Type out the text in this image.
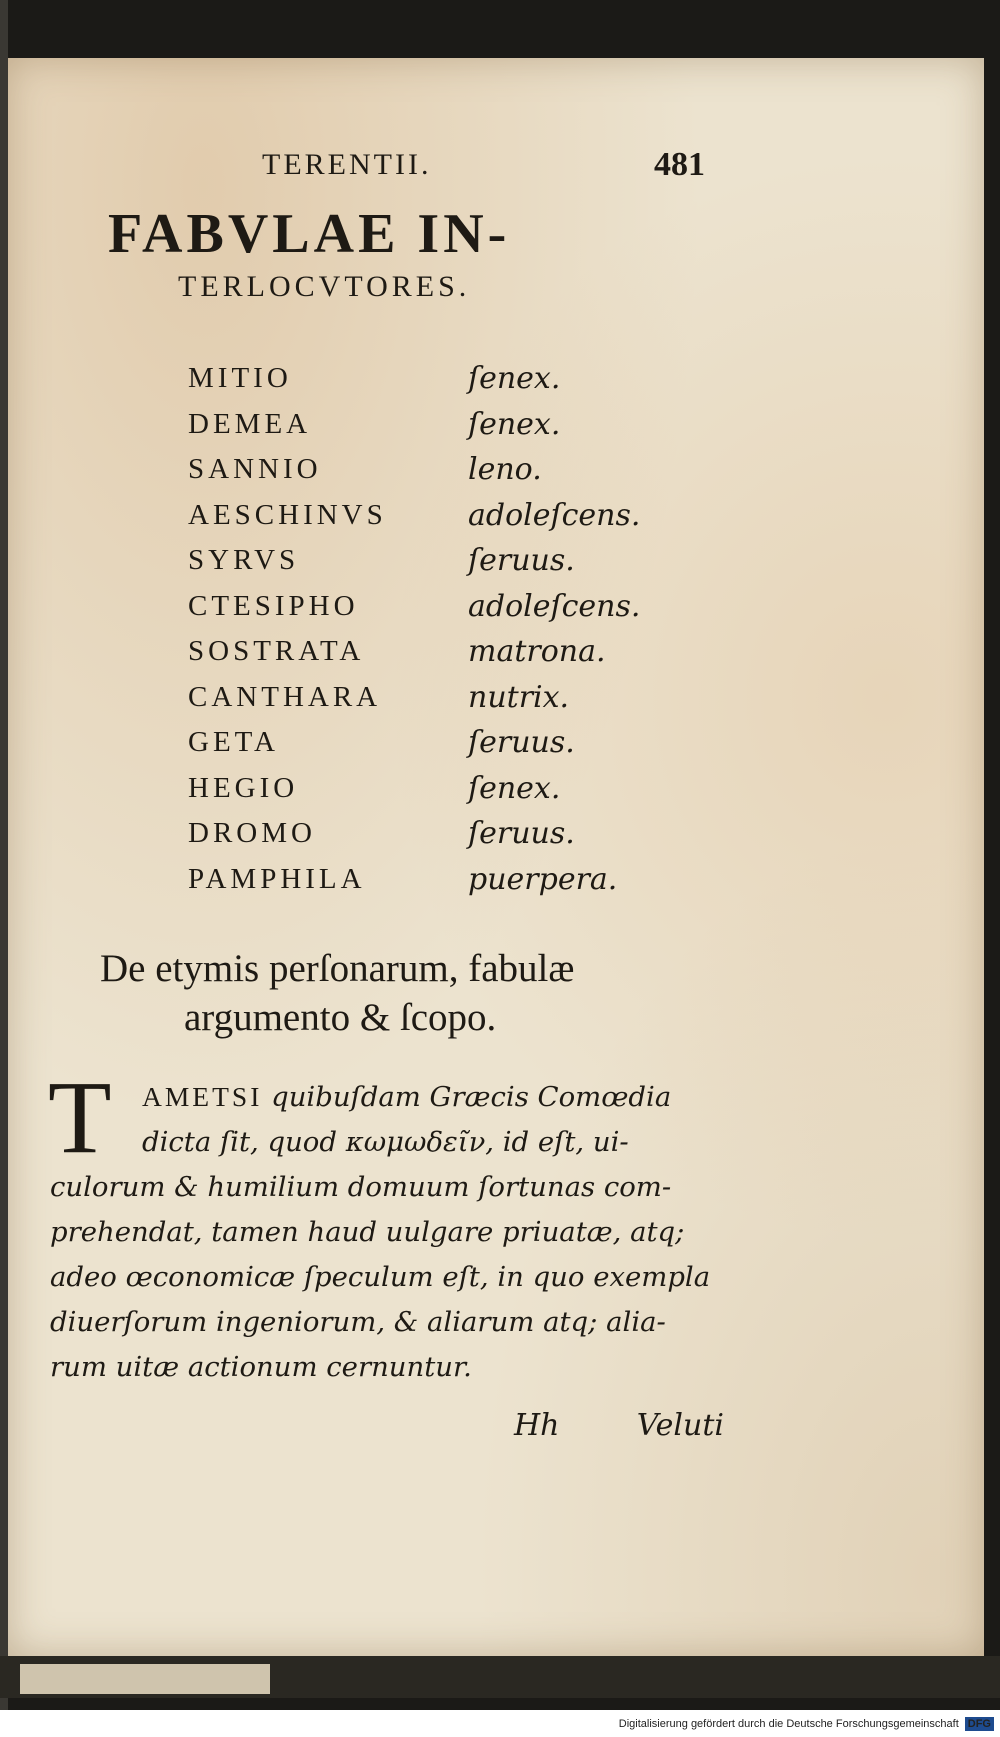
TERENTII.	481
FABVLAE IN-
TERLOCVTORES.
MITIO	ſenex.
DEMEA	ſenex.
SANNIO	leno.
AESCHINVS	adoleſcens.
SYRVS	ſeruus.
CTESIPHO	adoleſcens.
SOSTRATA	matrona.
CANTHARA	nutrix.
GETA	ſeruus.
HEGIO	ſenex.
DROMO	ſeruus.
PAMPHILA	puerpera.
De etymis perſonarum, fabulæ
argumento & ſcopo.
T	AMETSI quibuſdam Græcis Comœdia
dicta ſit, quod κωμωδεῖν, id eſt, ui-
culorum & humilium domuum ſortunas com-
prehendat, tamen haud uulgare priuatæ, atq;
adeo œconomicæ ſpeculum eſt, in quo exempla
diuerſorum ingeniorum, & aliarum atq; alia-
rum uitæ actionum cernuntur.
Hh	Veluti
Digitalisierung gefördert durch die Deutsche Forschungsgemeinschaft DFG
